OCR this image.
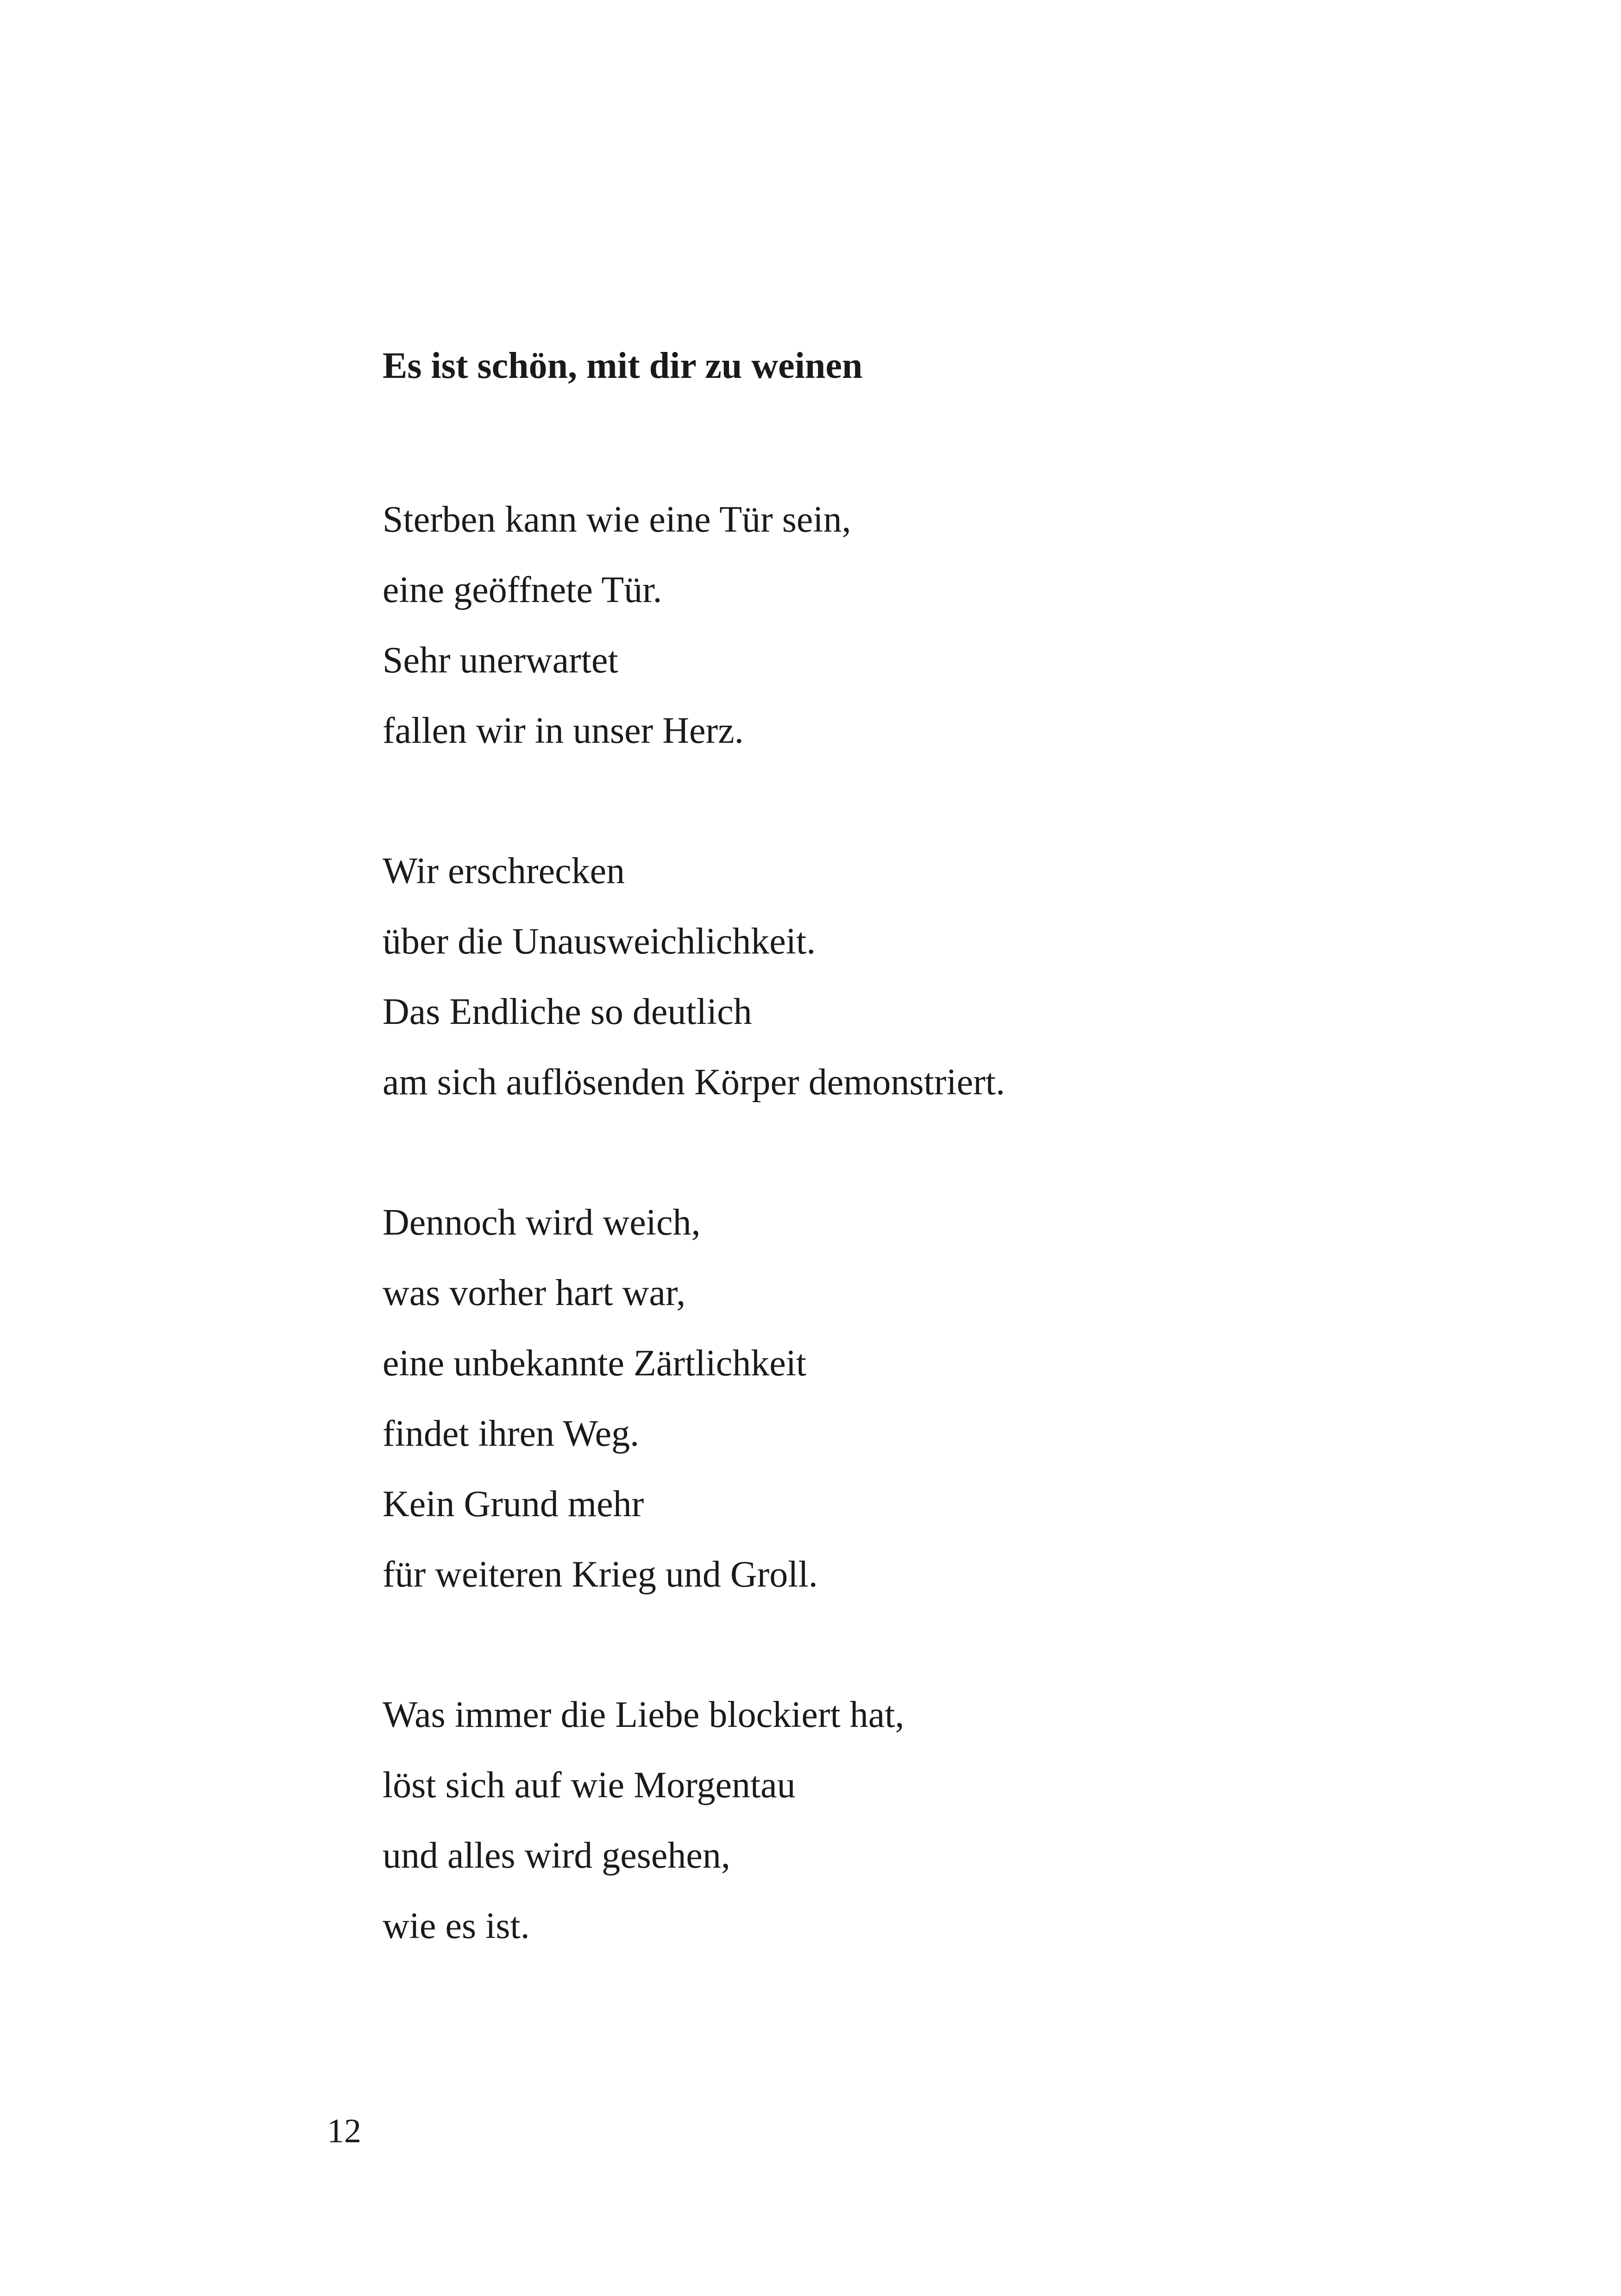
Es ist schön, mit dir zu weinen
Sterben kann wie eine Tür sein,
eine geöffnete Tür.
Sehr unerwartet
fallen wir in unser Herz.
Wir erschrecken
über die Unausweichlichkeit.
Das Endliche so deutlich
am sich auflösenden Körper demonstriert.
Dennoch wird weich,
was vorher hart war,
eine unbekannte Zärtlichkeit
findet ihren Weg.
Kein Grund mehr
für weiteren Krieg und Groll.
Was immer die Liebe blockiert hat,
löst sich auf wie Morgentau
und alles wird gesehen,
wie es ist.
12
